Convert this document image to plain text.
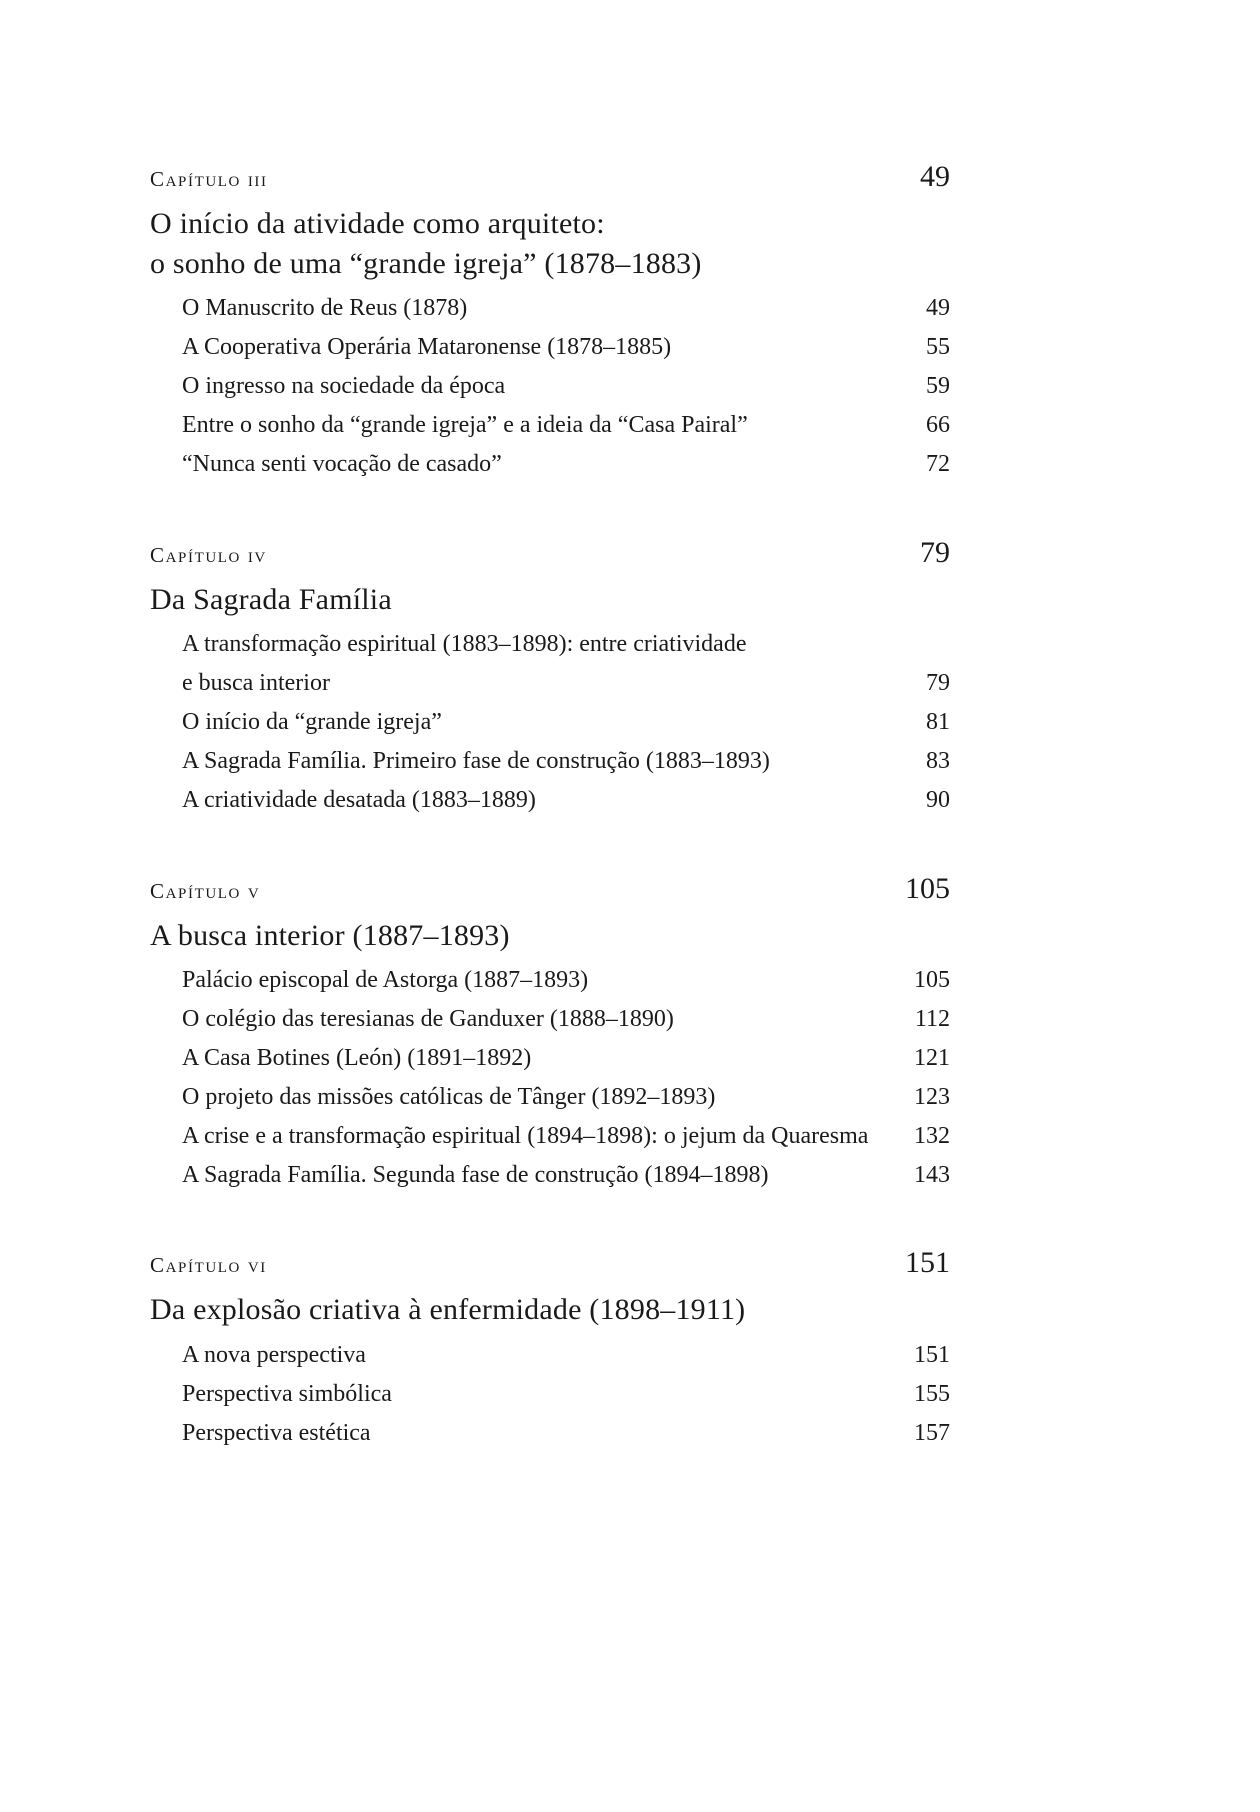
Capítulo iii	49
O início da atividade como arquiteto:
o sonho de uma “grande igreja” (1878–1883)
O Manuscrito de Reus (1878)	49
A Cooperativa Operária Mataronense (1878–1885)	55
O ingresso na sociedade da época	59
Entre o sonho da “grande igreja” e a ideia da “Casa Pairal”	66
“Nunca senti vocação de casado”	72
Capítulo iv	79
Da Sagrada Família
A transformação espiritual (1883–1898): entre criatividade
e busca interior	79
O início da “grande igreja”	81
A Sagrada Família. Primeiro fase de construção (1883–1893)	83
A criatividade desatada (1883–1889)	90
Capítulo v	105
A busca interior (1887–1893)
Palácio episcopal de Astorga (1887–1893)	105
O colégio das teresianas de Ganduxer (1888–1890)	112
A Casa Botines (León) (1891–1892)	121
O projeto das missões católicas de Tânger (1892–1893)	123
A crise e a transformação espiritual (1894–1898): o jejum da Quaresma	132
A Sagrada Família. Segunda fase de construção (1894–1898)	143
Capítulo vi	151
Da explosão criativa à enfermidade (1898–1911)
A nova perspectiva	151
Perspectiva simbólica	155
Perspectiva estética	157
